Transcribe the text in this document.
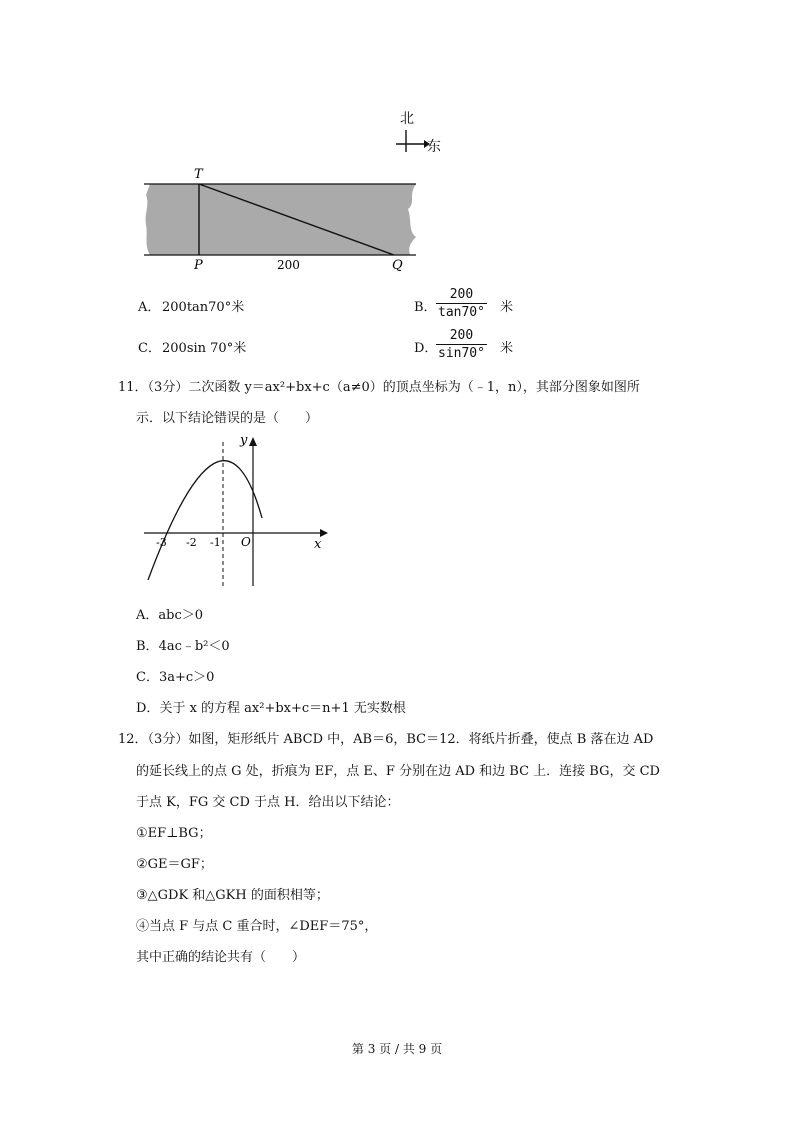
北
东
T
P	200	Q
A． 200tan70°米	B．
200
tan70° 米
C． 200sin 70°米	D．
200
sin70° 米
11．（3分）二次函数 y＝ax²+bx+c（a≠0）的顶点坐标为（﹣1，n），其部分图象如图所
示．以下结论错误的是（　　）
y
x
O
-3 -2 -1
A．abc＞0
B．4ac﹣b²＜0
C．3a+c＞0
D．关于 x 的方程 ax²+bx+c＝n+1 无实数根
12．（3分）如图，矩形纸片 ABCD 中，AB＝6，BC＝12．将纸片折叠，使点 B 落在边 AD
的延长线上的点 G 处，折痕为 EF，点 E、F 分别在边 AD 和边 BC 上．连接 BG，交 CD
于点 K，FG 交 CD 于点 H．给出以下结论：
①EF⊥BG；
②GE＝GF；
③△GDK 和△GKH 的面积相等；
④当点 F 与点 C 重合时，∠DEF＝75°，
其中正确的结论共有（　　）
第 3 页 / 共 9 页
